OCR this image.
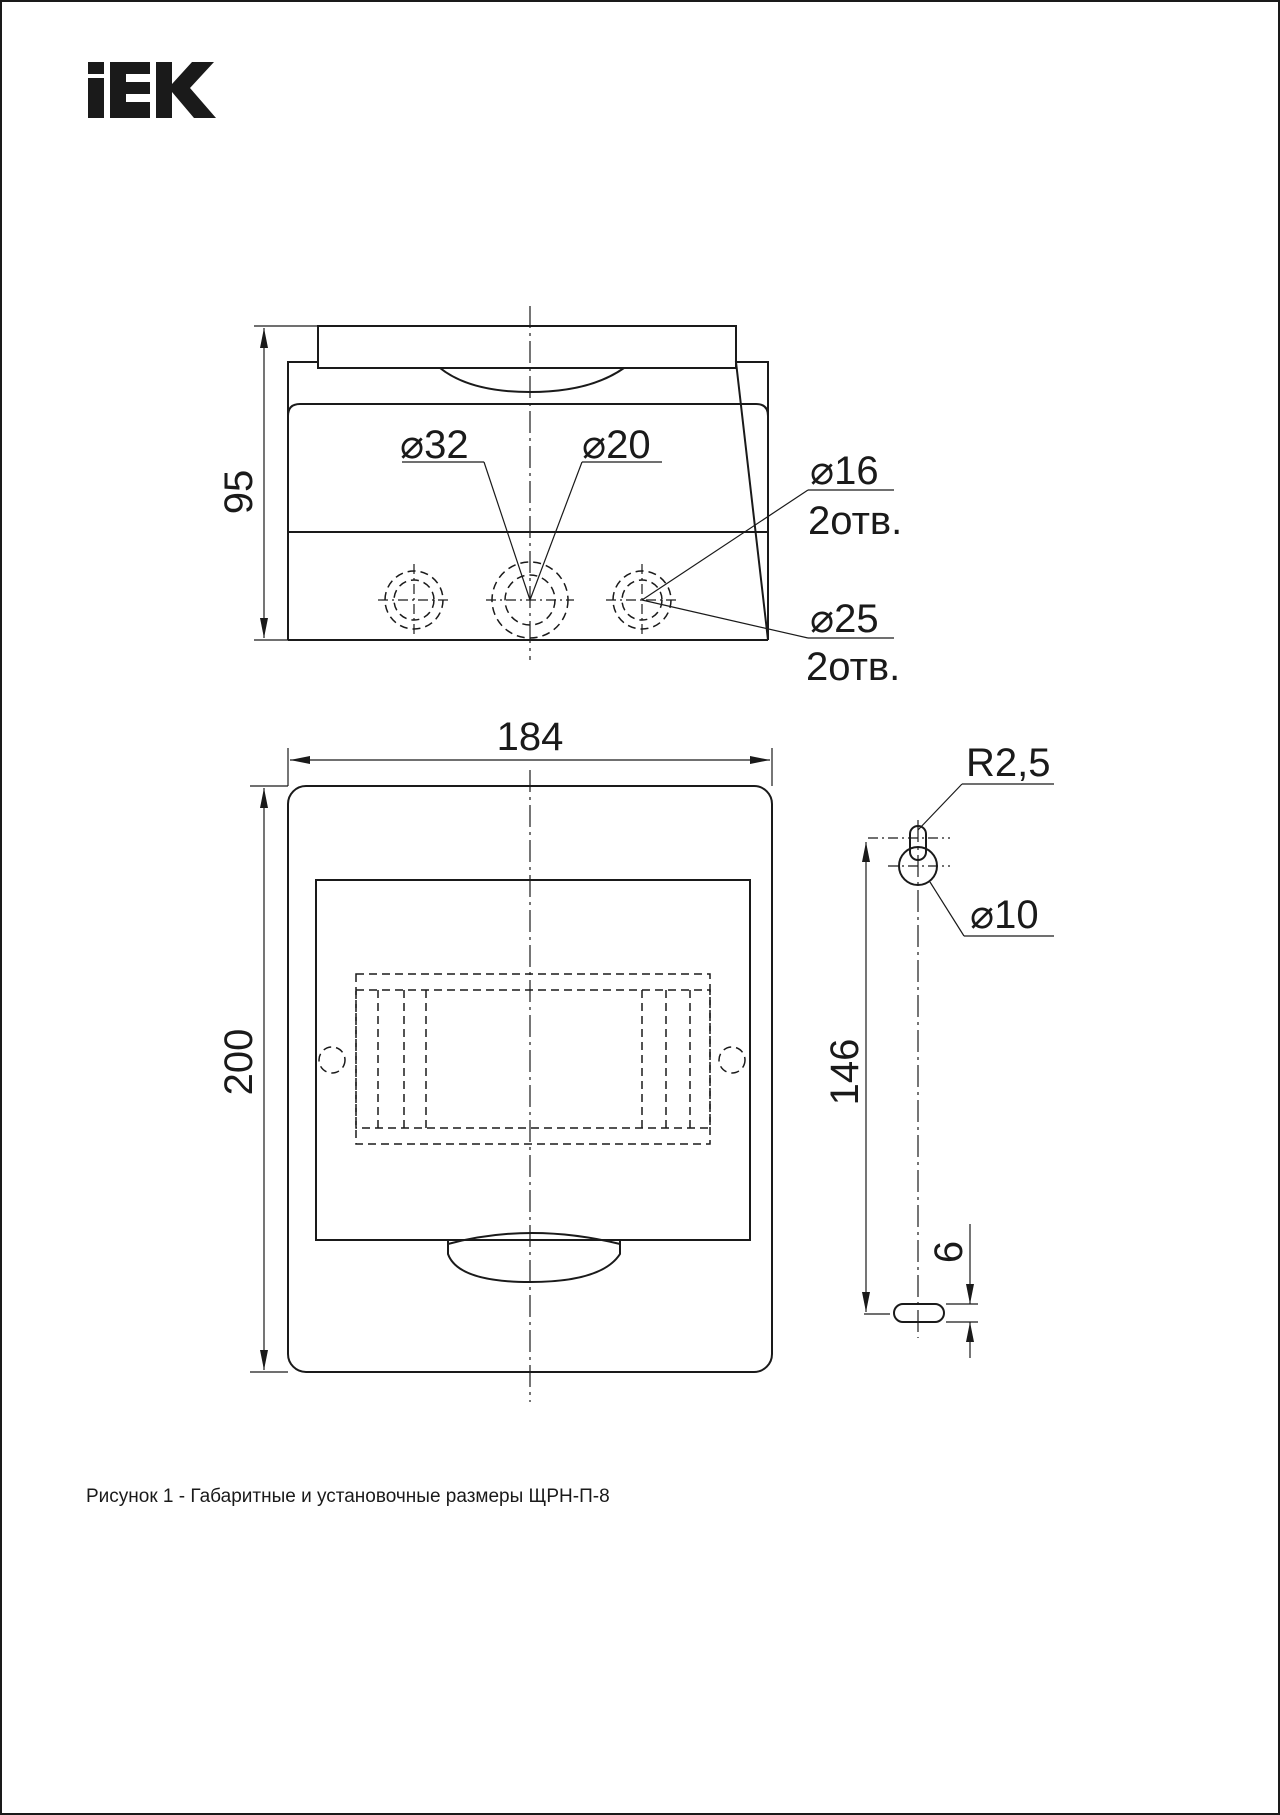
95
⌀32	⌀20
⌀16
2отв.
⌀25
2отв.
184
200
R2,5
⌀10
146
6
Рисунок 1 - Габаритные и установочные размеры ЩРН-П-8
